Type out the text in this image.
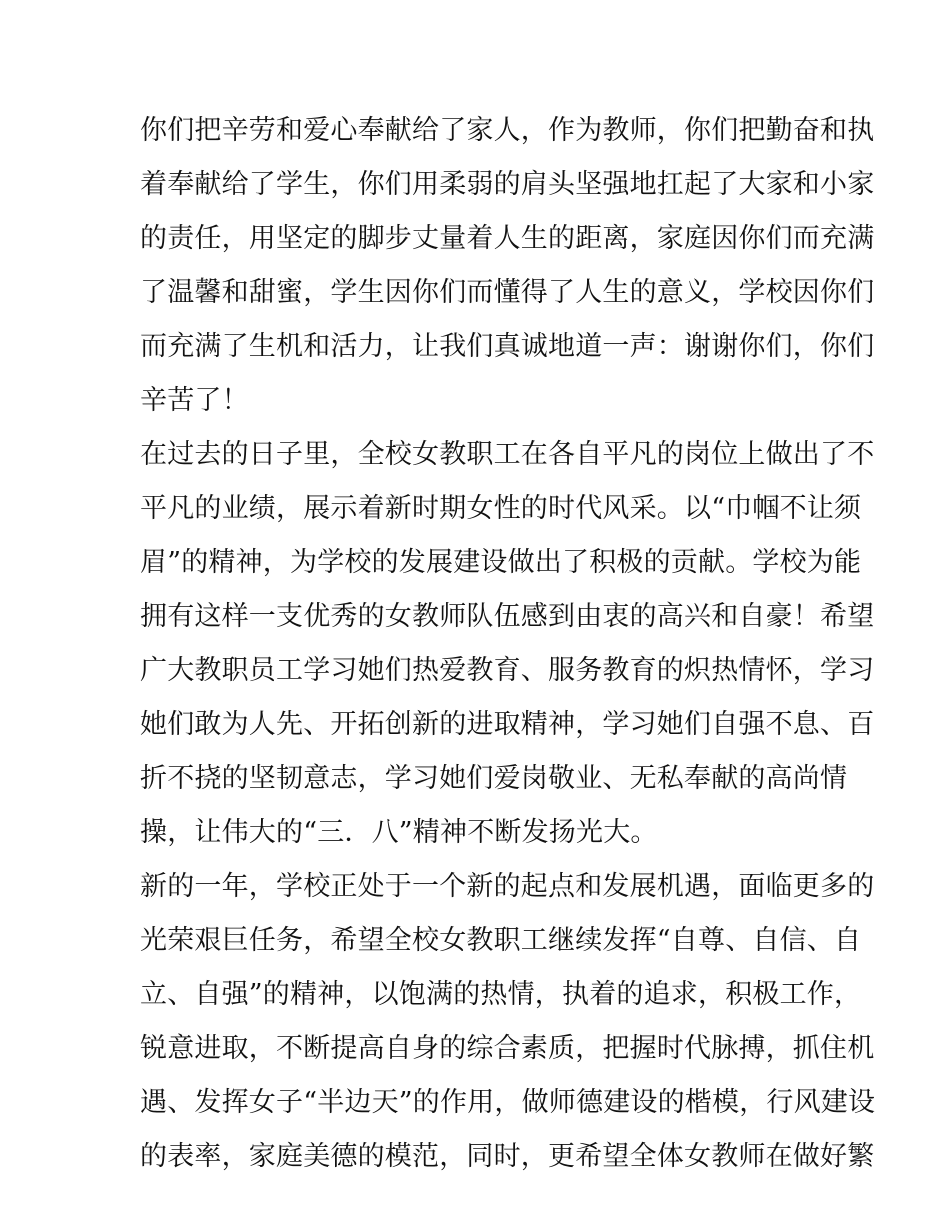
你们把辛劳和爱心奉献给了家人，作为教师，你们把勤奋和执
着奉献给了学生，你们用柔弱的肩头坚强地扛起了大家和小家
的责任，用坚定的脚步丈量着人生的距离，家庭因你们而充满
了温馨和甜蜜，学生因你们而懂得了人生的意义，学校因你们
而充满了生机和活力，让我们真诚地道一声：谢谢你们，你们
辛苦了！
在过去的日子里，全校女教职工在各自平凡的岗位上做出了不
平凡的业绩，展示着新时期女性的时代风采。以“巾帼不让须
眉”的精神，为学校的发展建设做出了积极的贡献。学校为能
拥有这样一支优秀的女教师队伍感到由衷的高兴和自豪！希望
广大教职员工学习她们热爱教育、服务教育的炽热情怀，学习
她们敢为人先、开拓创新的进取精神，学习她们自强不息、百
折不挠的坚韧意志，学习她们爱岗敬业、无私奉献的高尚情
操，让伟大的“三．八”精神不断发扬光大。
新的一年，学校正处于一个新的起点和发展机遇，面临更多的
光荣艰巨任务，希望全校女教职工继续发挥“自尊、自信、自
立、自强”的精神，以饱满的热情，执着的追求，积极工作，
锐意进取，不断提高自身的综合素质，把握时代脉搏，抓住机
遇、发挥女子“半边天”的作用，做师德建设的楷模，行风建设
的表率，家庭美德的模范，同时，更希望全体女教师在做好繁
